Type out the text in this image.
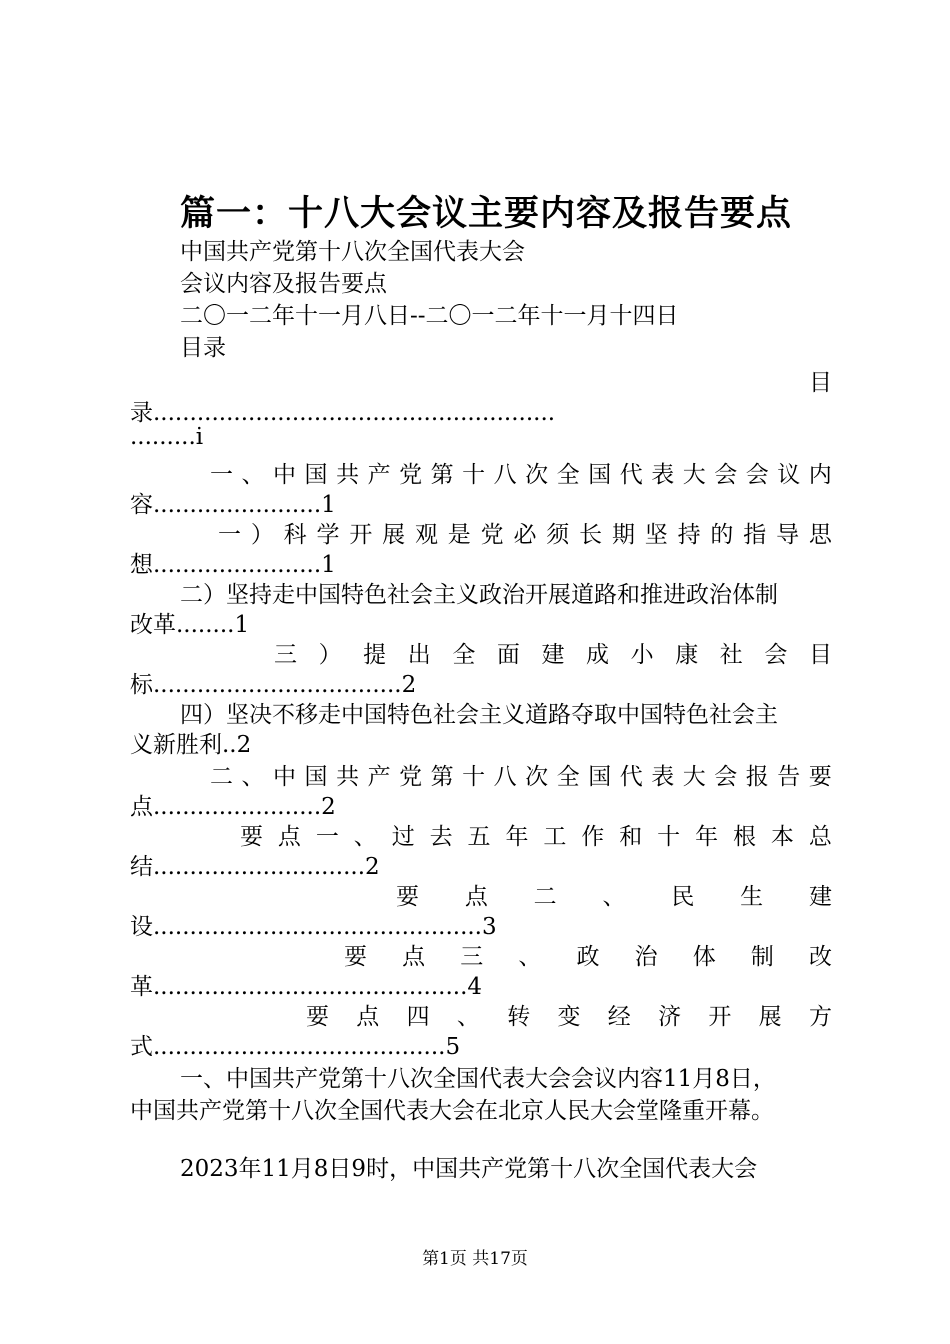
篇一：十八大会议主要内容及报告要点
中国共产党第十八次全国代表大会
会议内容及报告要点
二〇一二年十一月八日--二〇一二年十一月十四日
目录
目
录.......................................................
.........i
一 、 中 国 共 产 党 第 十 八 次 全 国 代 表 大 会 会 议 内
容.......................1
一 ） 科 学 开 展 观 是 党 必 须 长 期 坚 持 的 指 导 思
想.......................1
二）坚持走中国特色社会主义政治开展道路和推进政治体制
改革........1
三 ） 提 出 全 面 建 成 小 康 社 会 目
标..................................2
四）坚决不移走中国特色社会主义道路夺取中国特色社会主
义新胜利..2
二 、 中 国 共 产 党 第 十 八 次 全 国 代 表 大 会 报 告 要
点.......................2
要 点 一 、 过 去 五 年 工 作 和 十 年 根 本 总
结.............................2
要 点 二 、 民 生 建
设.............................................3
要 点 三 、 政 治 体 制 改
革...........................................4
要 点 四 、 转 变 经 济 开 展 方
式........................................5
一、中国共产党第十八次全国代表大会会议内容11月8日，
中国共产党第十八次全国代表大会在北京人民大会堂隆重开幕。
2023年11月8日9时，中国共产党第十八次全国代表大会
第1页 共17页
